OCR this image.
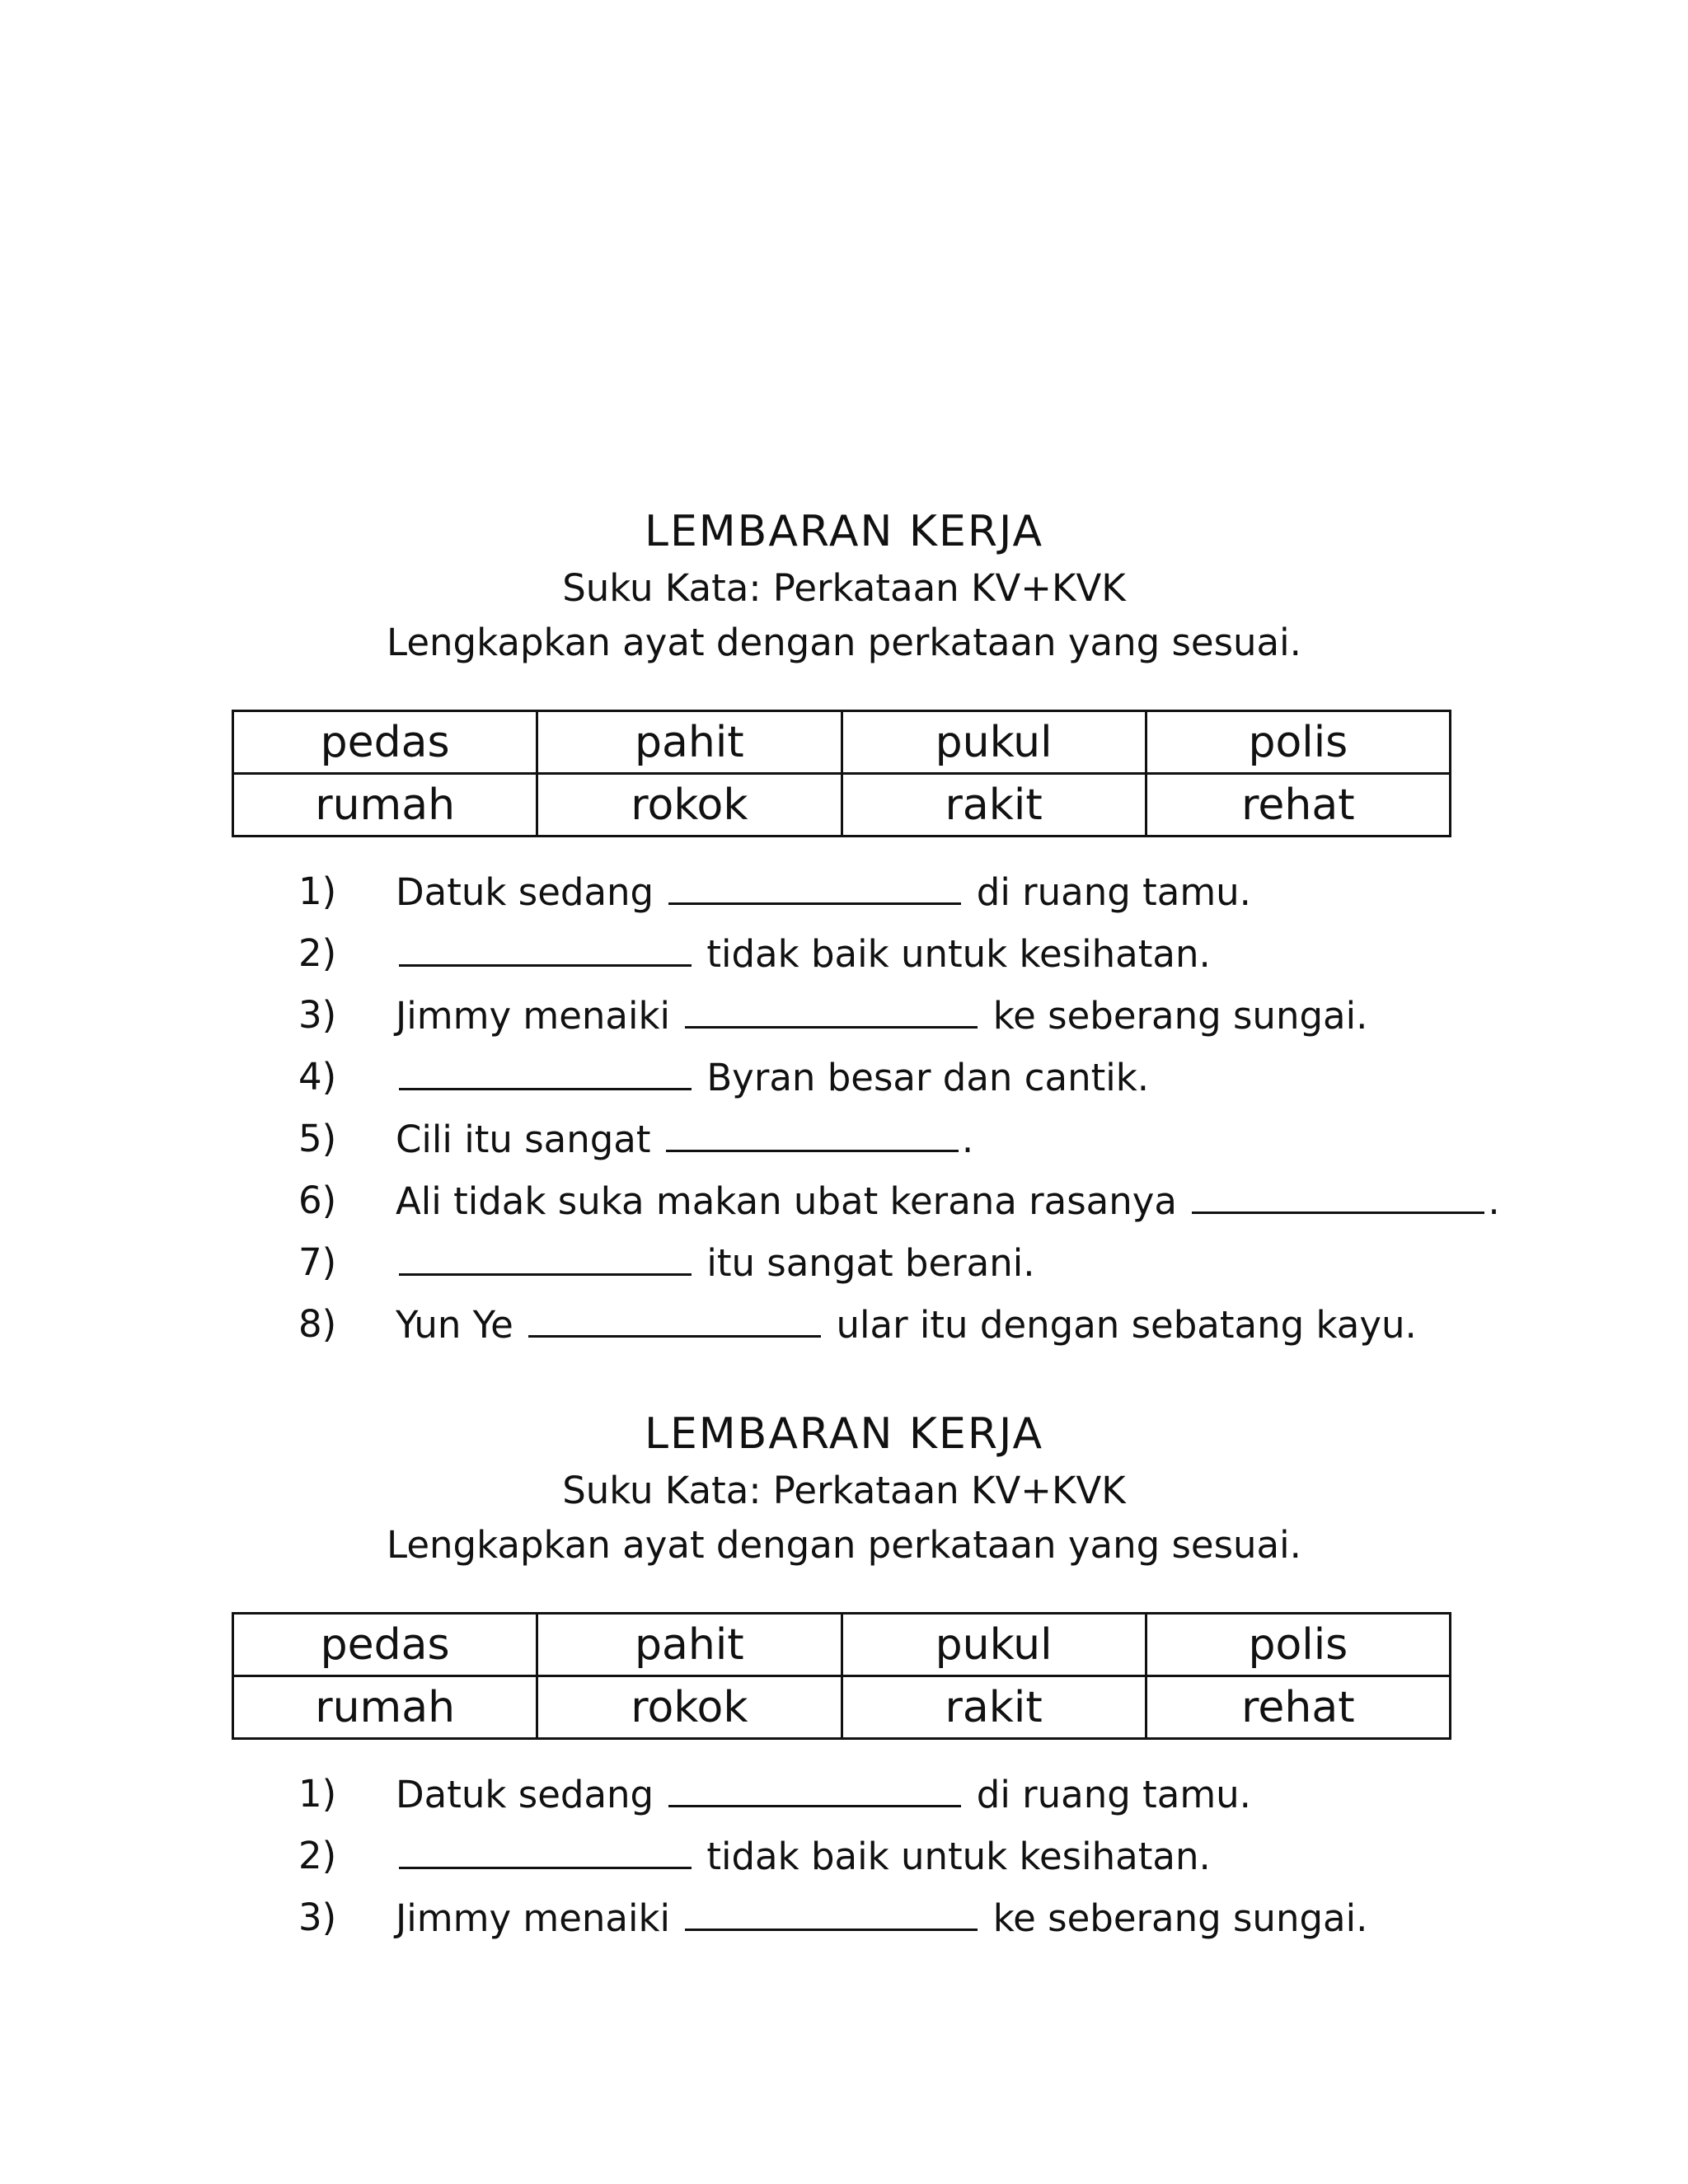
LEMBARAN KERJA
Suku Kata: Perkataan KV+KVK
Lengkapkan ayat dengan perkataan yang sesuai.
pedas	pahit	pukul	polis
rumah	rokok	rakit	rehat
1) Datuk sedang	di ruang tamu.
2)	tidak baik untuk kesihatan.
3) Jimmy menaiki	ke seberang sungai.
4)	Byran besar dan cantik.
5) Cili itu sangat	.
6) Ali tidak suka makan ubat kerana rasanya	.
7)	itu sangat berani.
8) Yun Ye	ular itu dengan sebatang kayu.
LEMBARAN KERJA
Suku Kata: Perkataan KV+KVK
Lengkapkan ayat dengan perkataan yang sesuai.
pedas	pahit	pukul	polis
rumah	rokok	rakit	rehat
1) Datuk sedang	di ruang tamu.
2)	tidak baik untuk kesihatan.
3) Jimmy menaiki	ke seberang sungai.
